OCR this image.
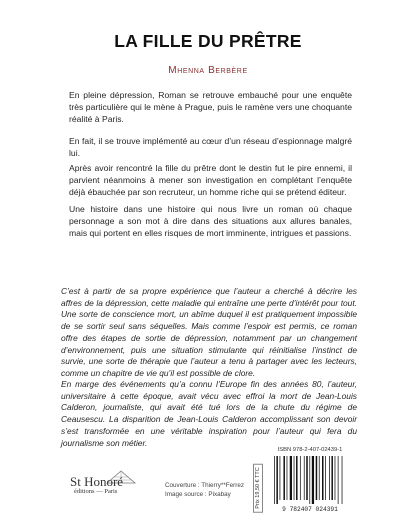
LA FILLE DU PRÊTRE
Mhenna Berbère

En pleine dépression, Roman se retrouve embauché pour une enquête très particulière qui le mène à Prague, puis le ramène vers une choquante réalité à Paris.

En fait, il se trouve implémenté au cœur d’un réseau d’espionnage malgré lui.

Après avoir rencontré la fille du prêtre dont le destin fut le pire ennemi, il parvient néanmoins à mener son investigation en complétant l’enquête déjà ébauchée par son recruteur, un homme riche qui se prétend éditeur.

Une histoire dans une histoire qui nous livre un roman où chaque personnage a son mot à dire dans des situations aux allures banales, mais qui portent en elles risques de mort imminente, intrigues et passions.

C’est à partir de sa propre expérience que l’auteur a cherché à décrire les affres de la dépression, cette maladie qui entraîne une perte d’intérêt pour tout. Une sorte de conscience mort, un abîme duquel il est pratiquement impossible de se sortir seul sans séquelles. Mais comme l’espoir est permis, ce roman offre des étapes de sortie de dépression, notamment par un changement d’environnement, puis une situation stimulante qui réinitialise l’instinct de survie, une sorte de thérapie que l’auteur a tenu à partager avec les lecteurs, comme un chapitre de vie qu’il est possible de clore.

En marge des événements qu’a connu l’Europe fin des années 80, l’auteur, universitaire à cette époque, avait vécu avec effroi la mort de Jean-Louis Calderon, journaliste, qui avait été tué lors de la chute du régime de Ceausescu. La disparition de Jean-Louis Calderon accomplissant son devoir s’est transformée en une véritable inspiration pour l’auteur qui fera du journalisme son métier.

St Honoré
éditions — Paris
Couverture : Thierry**Ferrez
Image source : Pixabay	Prix 19,50 € TTC
ISBN 978-2-407-02439-1
9 782407 024391
